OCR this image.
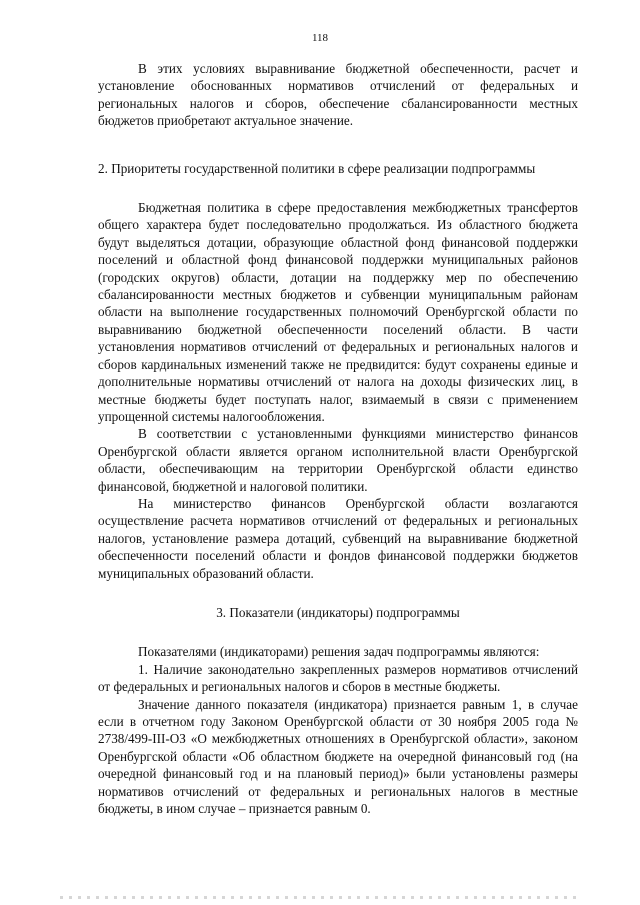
118

В этих условиях выравнивание бюджетной обеспеченности, расчет и установление обоснованных нормативов отчислений от федеральных и региональных налогов и сборов, обеспечение сбалансированности местных бюджетов приобретают актуальное значение.

2. Приоритеты государственной политики в сфере реализации подпрограммы

Бюджетная политика в сфере предоставления межбюджетных трансфертов общего характера будет последовательно продолжаться. Из областного бюджета будут выделяться дотации, образующие областной фонд финансовой поддержки поселений и областной фонд финансовой поддержки муниципальных районов (городских округов) области, дотации на поддержку мер по обеспечению сбалансированности местных бюджетов и субвенции муниципальным районам области на выполнение государственных полномочий Оренбургской области по выравниванию бюджетной обеспеченности поселений области. В части установления нормативов отчислений от федеральных и региональных налогов и сборов кардинальных изменений также не предвидится: будут сохранены единые и дополнительные нормативы отчислений от налога на доходы физических лиц, в местные бюджеты будет поступать налог, взимаемый в связи с применением упрощенной системы налогообложения.

В соответствии с установленными функциями министерство финансов Оренбургской области является органом исполнительной власти Оренбургской области, обеспечивающим на территории Оренбургской области единство финансовой, бюджетной и налоговой политики.

На министерство финансов Оренбургской области возлагаются осуществление расчета нормативов отчислений от федеральных и региональных налогов, установление размера дотаций, субвенций на выравнивание бюджетной обеспеченности поселений области и фондов финансовой поддержки бюджетов муниципальных образований области.

3. Показатели (индикаторы) подпрограммы

Показателями (индикаторами) решения задач подпрограммы являются:

1. Наличие законодательно закрепленных размеров нормативов отчислений от федеральных и региональных налогов и сборов в местные бюджеты.

Значение данного показателя (индикатора) признается равным 1, в случае если в отчетном году Законом Оренбургской области от 30 ноября 2005 года № 2738/499-III-ОЗ «О межбюджетных отношениях в Оренбургской области», законом Оренбургской области «Об областном бюджете на очередной финансовый год (на очередной финансовый год и на плановый период)» были установлены размеры нормативов отчислений от федеральных и региональных налогов в местные бюджеты, в ином случае – признается равным 0.
